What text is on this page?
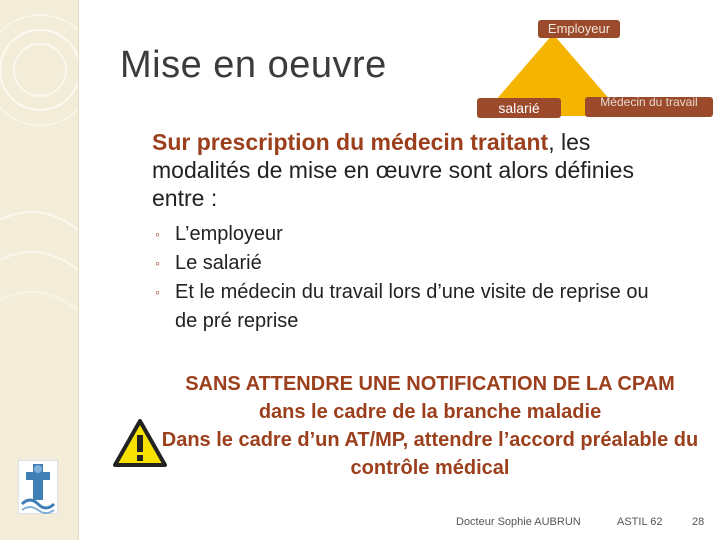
Mise en oeuvre
Employeur
salarié	Médecin du travail
Sur prescription du médecin traitant, les modalités de mise en œuvre sont alors définies entre :
◦ L’employeur
◦ Le salarié
◦ Et le médecin du travail lors d’une visite de reprise ou de pré reprise
SANS ATTENDRE UNE NOTIFICATION DE LA CPAM dans le cadre de la branche maladie
Dans le cadre d’un AT/MP, attendre l’accord préalable du contrôle médical
Docteur Sophie AUBRUN	ASTIL 62	28
